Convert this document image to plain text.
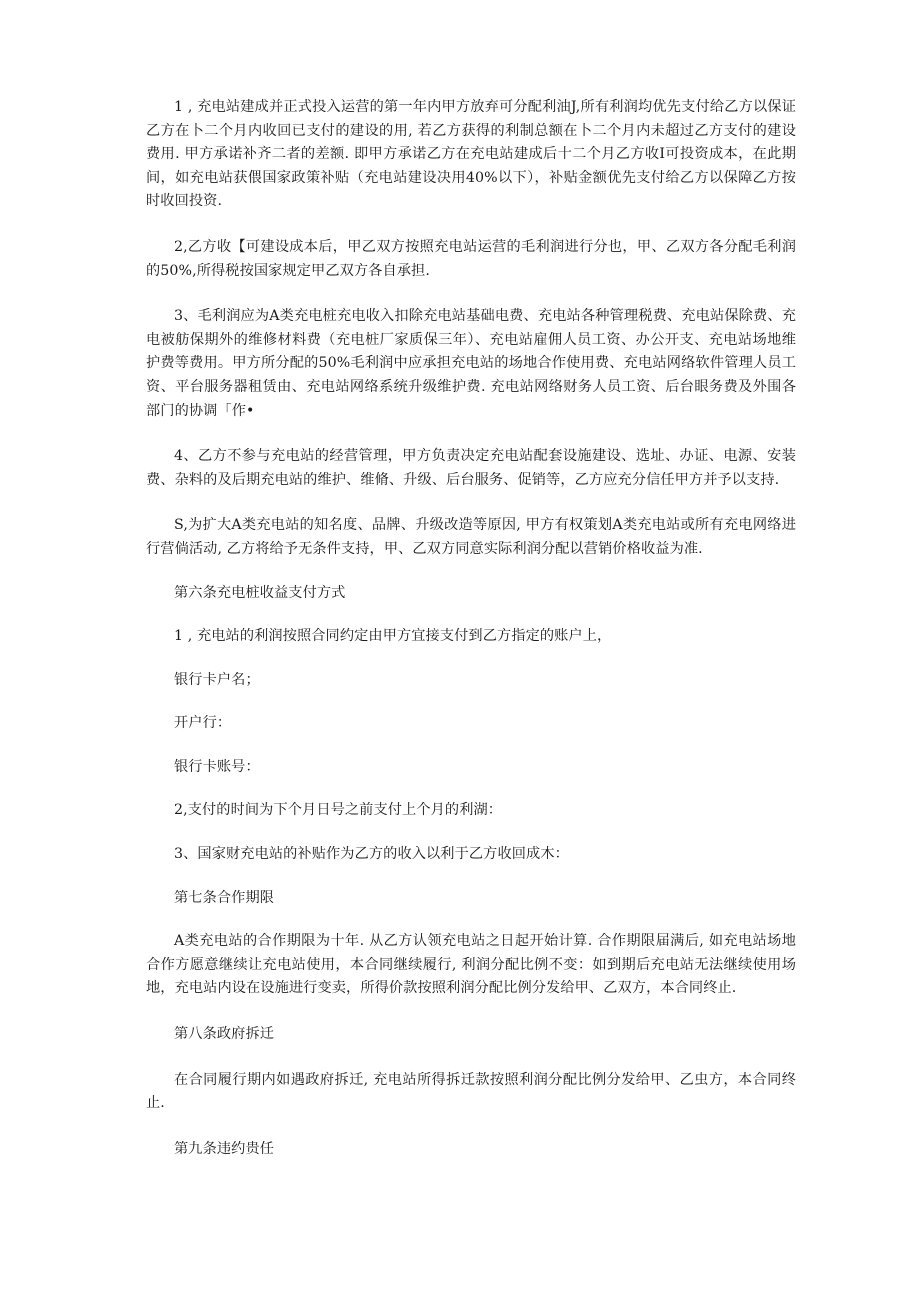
1 , 充电站建成并正式投入运营的第一年内甲方放弃可分配利油J,所有利润均优先支付给乙方以保证乙方在卜二个月内收回已支付的建设的用, 若乙方获得的利制总额在卜二个月内未超过乙方支付的建设费用. 甲方承诺补齐二者的差额. 即甲方承诺乙方在充电站建成后十二个月乙方收I可投资成本，在此期间，如充电站获偎国家政策补贴（充电站建设决用40%以下），补贴金额优先支付给乙方以保障乙方按时收回投资.

2,乙方收【可建设成本后，甲乙双方按照充电站运营的毛利润进行分也，甲、乙双方各分配毛利润的50%,所得税按国家规定甲乙双方各自承担.

3、毛利润应为A类充电桩充电收入扣除充电站基础电费、充电站各种管理税费、充电站保除费、充电被舫保期外的维修材料费（充电桩厂家质保三年）、充电站雇佣人员工资、办公开支、充电站场地维护费等费用。甲方所分配的50%毛利润中应承担充电站的场地合作使用费、充电站网络软件管理人员工资、平台服务器租赁由、充电站网络系统升级维护费. 充电站网络财务人员工资、后台眼务费及外围各部门的协调「作•

4、乙方不参与充电站的经营管理，甲方负责决定充电站配套设施建设、选址、办证、电源、安装费、杂料的及后期充电站的维护、维脩、升级、后台服务、促销等，乙方应充分信任甲方并予以支持.

S,为扩大A类充电站的知名度、品牌、升级改造等原因, 甲方有权策划A类充电站或所有充电网络进行营倘活动, 乙方将给予无条件支持，甲、乙双方同意实际利润分配以营销价格收益为准.

第六条充电桩收益支付方式

1 , 充电站的利润按照合同约定由甲方宜接支付到乙方指定的账户上，

银行卡户名；

开户行：

银行卡账号：

2,支付的时间为下个月日号之前支付上个月的利湖：

3、国家财充电站的补贴作为乙方的收入以利于乙方收回成木：

第七条合作期限

A类充电站的合作期限为十年. 从乙方认领充电站之日起开始计算. 合作期限届满后, 如充电站场地合作方愿意继续让充电站使用，本合同继续履行, 利润分配比例不变：如到期后充电站无法继续使用场地，充电站内设在设施进行变卖，所得价款按照利润分配比例分发给甲、乙双方，本合同终止.

第八条政府拆迁

在合同履行期内如遇政府拆迁, 充电站所得拆迁款按照利润分配比例分发给甲、乙虫方，本合同终止.

第九条违约贵任
